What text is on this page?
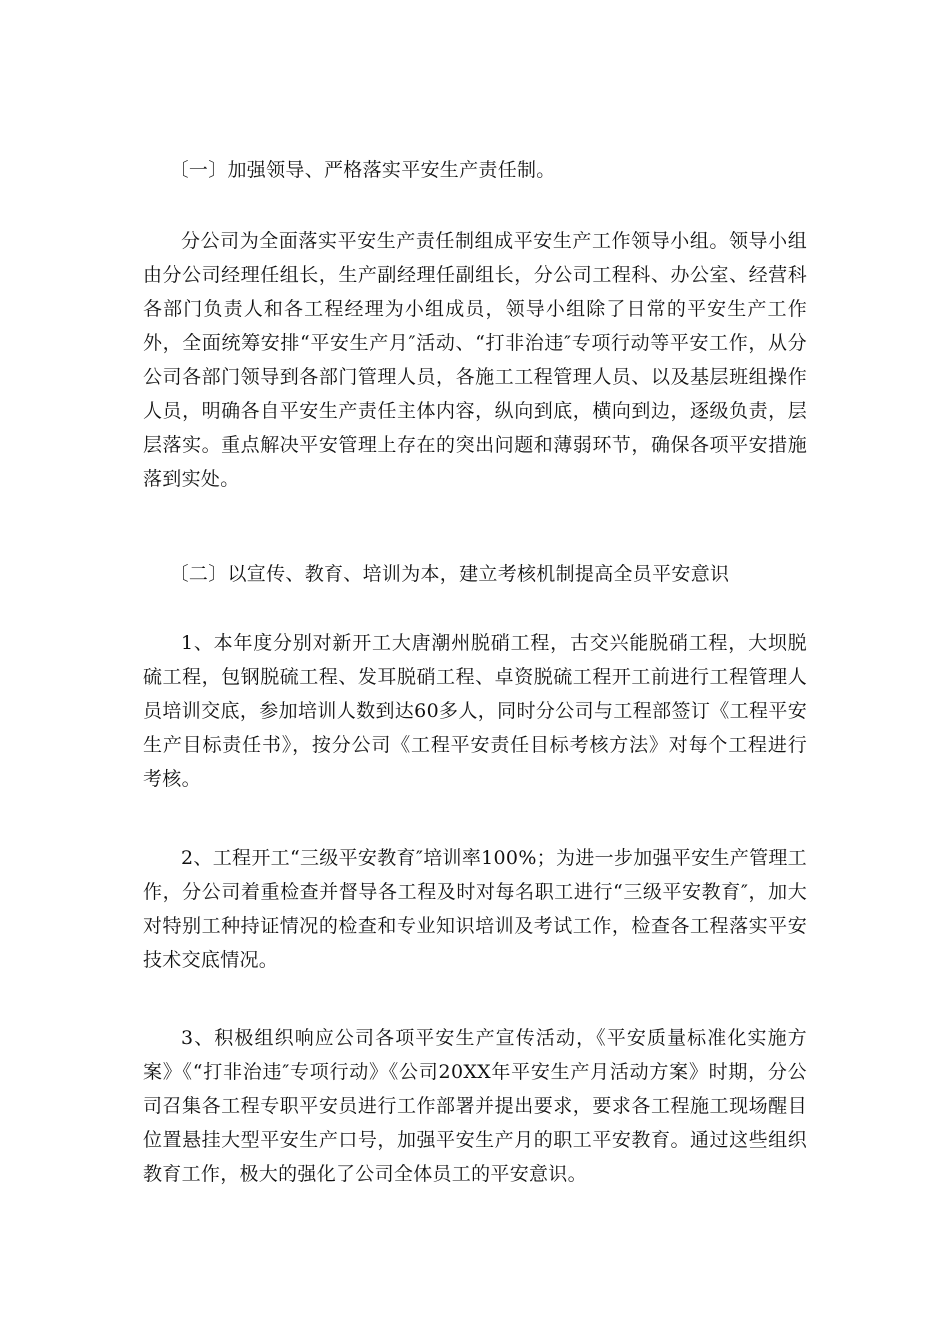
〔一〕加强领导、严格落实平安生产责任制。

分公司为全面落实平安生产责任制组成平安生产工作领导小组。领导小组由分公司经理任组长，生产副经理任副组长，分公司工程科、办公室、经营科各部门负责人和各工程经理为小组成员，领导小组除了日常的平安生产工作外，全面统筹安排“平安生产月″活动、“打非治违″专项行动等平安工作，从分公司各部门领导到各部门管理人员，各施工工程管理人员、以及基层班组操作人员，明确各自平安生产责任主体内容，纵向到底，横向到边，逐级负责，层层落实。重点解决平安管理上存在的突出问题和薄弱环节，确保各项平安措施落到实处。

〔二〕以宣传、教育、培训为本，建立考核机制提高全员平安意识

1、本年度分别对新开工大唐潮州脱硝工程，古交兴能脱硝工程，大坝脱硫工程，包钢脱硫工程、发耳脱硝工程、卓资脱硫工程开工前进行工程管理人员培训交底，参加培训人数到达60多人，同时分公司与工程部签订《工程平安生产目标责任书》，按分公司《工程平安责任目标考核方法》对每个工程进行考核。

2、工程开工“三级平安教育″培训率100%；为进一步加强平安生产管理工作，分公司着重检查并督导各工程及时对每名职工进行“三级平安教育″，加大对特别工种持证情况的检查和专业知识培训及考试工作，检查各工程落实平安技术交底情况。

3、积极组织响应公司各项平安生产宣传活动，《平安质量标准化实施方案》《“打非治违″专项行动》《公司20XX年平安生产月活动方案》时期，分公司召集各工程专职平安员进行工作部署并提出要求，要求各工程施工现场醒目位置悬挂大型平安生产口号，加强平安生产月的职工平安教育。通过这些组织教育工作，极大的强化了公司全体员工的平安意识。
